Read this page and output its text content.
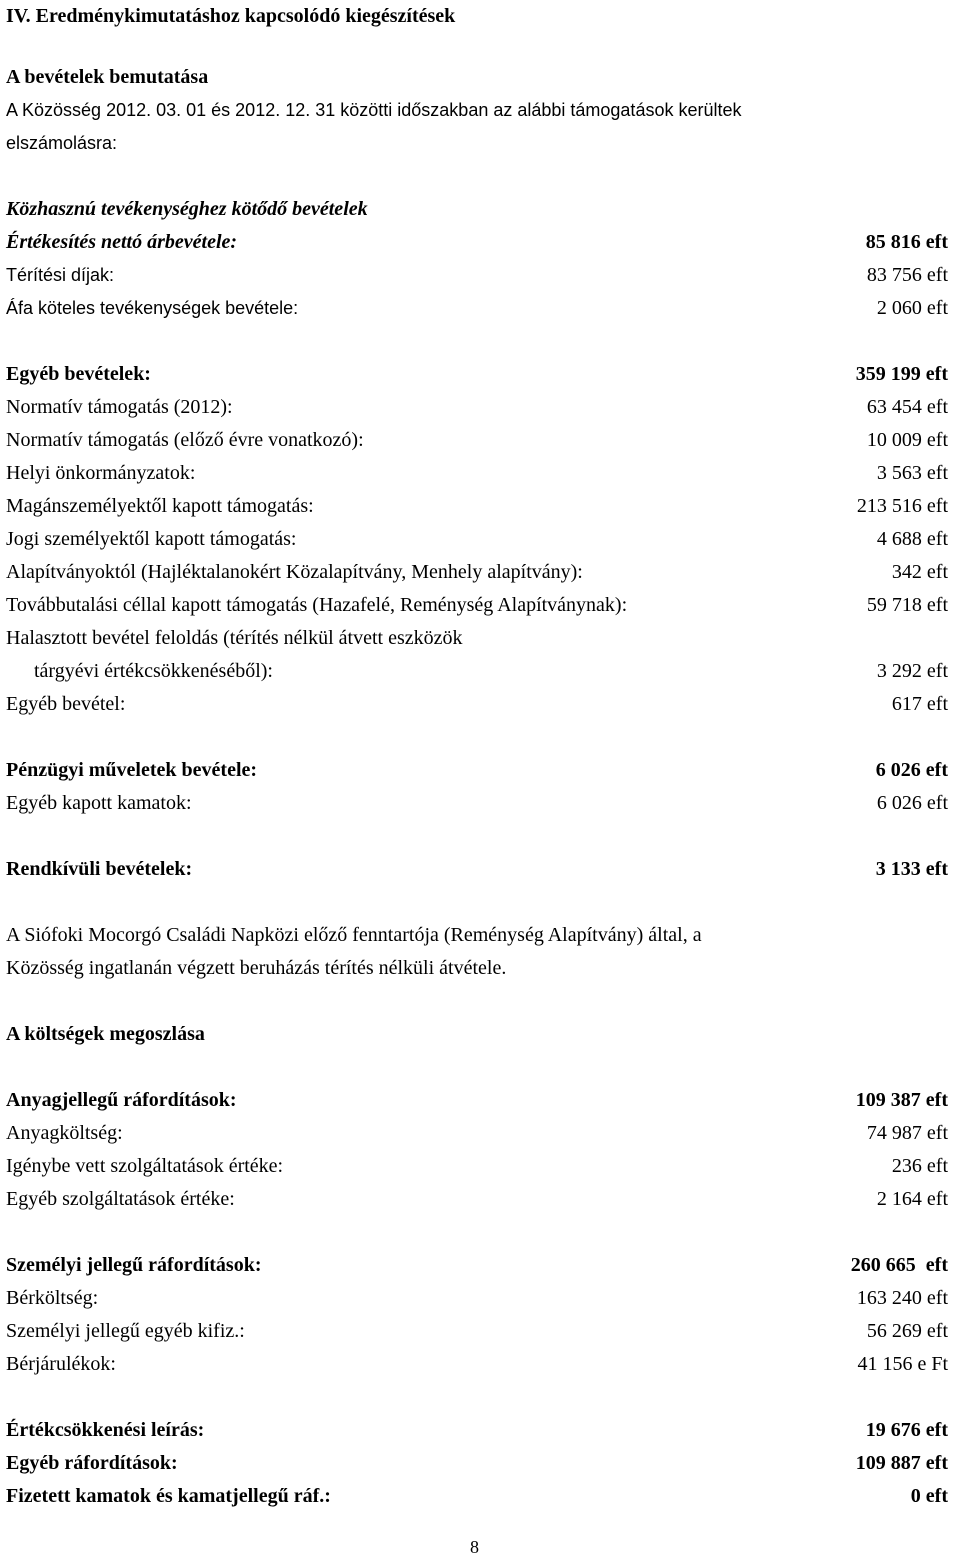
IV. Eredménykimutatáshoz kapcsolódó kiegészítések
A bevételek bemutatása
A Közösség 2012. 03. 01 és 2012. 12. 31 közötti időszakban az alábbi támogatások kerültek
elszámolásra:
Közhasznú tevékenységhez kötődő bevételek
Értékesítés nettó árbevétele:	85 816 eft
Térítési díjak:	83 756 eft
Áfa köteles tevékenységek bevétele:	2 060 eft
Egyéb bevételek:	359 199 eft
Normatív támogatás (2012):	63 454 eft
Normatív támogatás (előző évre vonatkozó):	10 009 eft
Helyi önkormányzatok:	3 563 eft
Magánszemélyektől kapott támogatás:	213 516 eft
Jogi személyektől kapott támogatás:	4 688 eft
Alapítványoktól (Hajléktalanokért Közalapítvány, Menhely alapítvány):	342 eft
Továbbutalási céllal kapott támogatás (Hazafelé, Reménység Alapítványnak):	59 718 eft
Halasztott bevétel feloldás (térítés nélkül átvett eszközök
tárgyévi értékcsökkenéséből):	3 292 eft
Egyéb bevétel:	617 eft
Pénzügyi műveletek bevétele:	6 026 eft
Egyéb kapott kamatok:	6 026 eft
Rendkívüli bevételek:	3 133 eft
A Siófoki Mocorgó Családi Napközi előző fenntartója (Reménység Alapítvány) által, a
Közösség ingatlanán végzett beruházás térítés nélküli átvétele.
A költségek megoszlása
Anyagjellegű ráfordítások:	109 387 eft
Anyagköltség:	74 987 eft
Igénybe vett szolgáltatások értéke:	236 eft
Egyéb szolgáltatások értéke:	2 164 eft
Személyi jellegű ráfordítások:	260 665  eft
Bérköltség:	163 240 eft
Személyi jellegű egyéb kifiz.:	56 269 eft
Bérjárulékok:	41 156 e Ft
Értékcsökkenési leírás:	19 676 eft
Egyéb ráfordítások:	109 887 eft
Fizetett kamatok és kamatjellegű ráf.:	0 eft
8
